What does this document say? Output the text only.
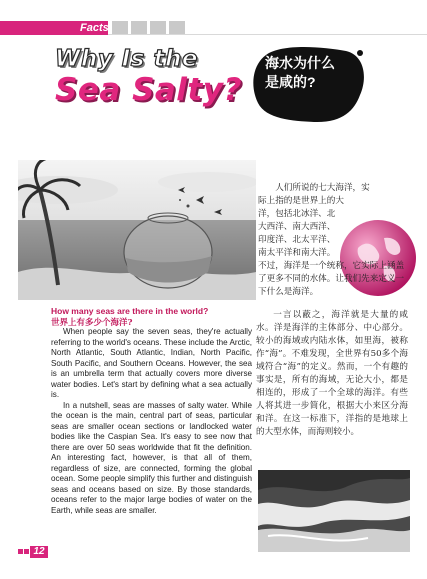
Facts
Why Is the
Sea Salty?
海水为什么
是咸的?
人们所说的七大海洋，实际上指的是世界上的大洋，包括北冰洋、北大西洋、南大西洋、印度洋、北太平洋、南太平洋和南大洋。不过，海洋是一个统称，它实际上涵盖了更多不同的水体。让我们先来定义一下什么是海洋。
How many seas are there in the world?
世界上有多少个海洋?

When people say the seven seas, they're actually referring to the world's oceans. These include the Arctic, North Atlantic, South Atlantic, Indian, North Pacific, South Pacific, and Southern Oceans. However, the sea is an umbrella term that actually covers more diverse water bodies. Let's start by defining what a sea actually is.

In a nutshell, seas are masses of salty water. While the ocean is the main, central part of seas, particular seas are smaller ocean sections or landlocked water bodies like the Caspian Sea. It's easy to see now that there are over 50 seas worldwide that fit the definition. An interesting fact, however, is that all of them, regardless of size, are connected, forming the global ocean. Some people simplify this further and distinguish seas and oceans based on size. By those standards, oceans refer to the major large bodies of water on the Earth, while seas are smaller.

一言以蔽之，海洋就是大量的咸水。洋是海洋的主体部分、中心部分。较小的海域或内陆水体，如里海，被称作“海”。不难发现，全世界有50多个海域符合“海”的定义。然而，一个有趣的事实是，所有的海域，无论大小，都是相连的，形成了一个全球的海洋。有些人将其进一步简化，根据大小来区分海和洋。在这一标准下，洋指的是地球上的大型水体，而海则较小。

12
